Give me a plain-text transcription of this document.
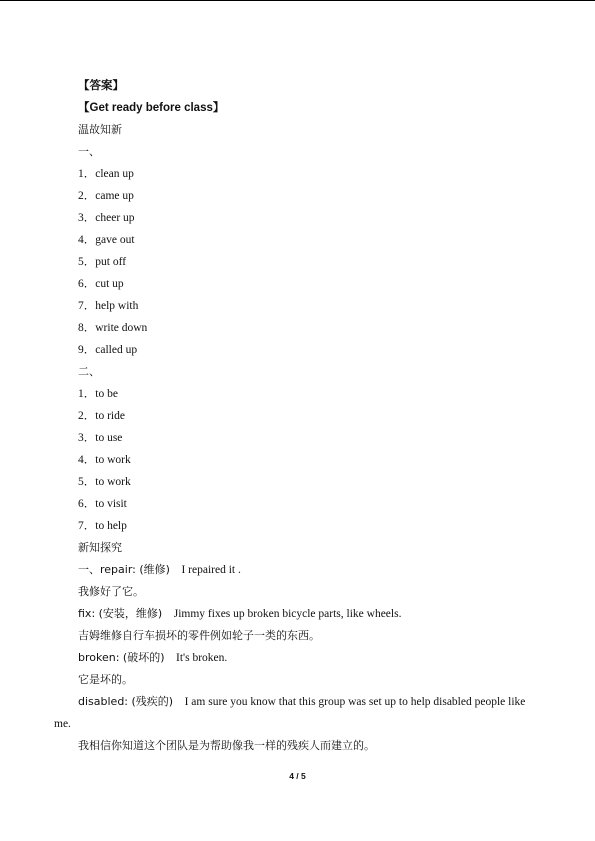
【答案】
【Get ready before class】
温故知新
一、
1．clean up
2．came up
3．cheer up
4．gave out
5．put off
6．cut up
7．help with
8．write down
9．called up
二、
1．to be
2．to ride
3．to use
4．to work
5．to work
6．to visit
7．to help
新知探究
一、repair: (维修) I repaired it .
我修好了它。
fix: (安装，维修) Jimmy fixes up broken bicycle parts, like wheels.
吉姆维修自行车损坏的零件例如轮子一类的东西。
broken: (破坏的) It's broken.
它是坏的。
disabled: (残疾的) I am sure you know that this group was set up to help disabled people like
me.
我相信你知道这个团队是为帮助像我一样的残疾人而建立的。
4 / 5
